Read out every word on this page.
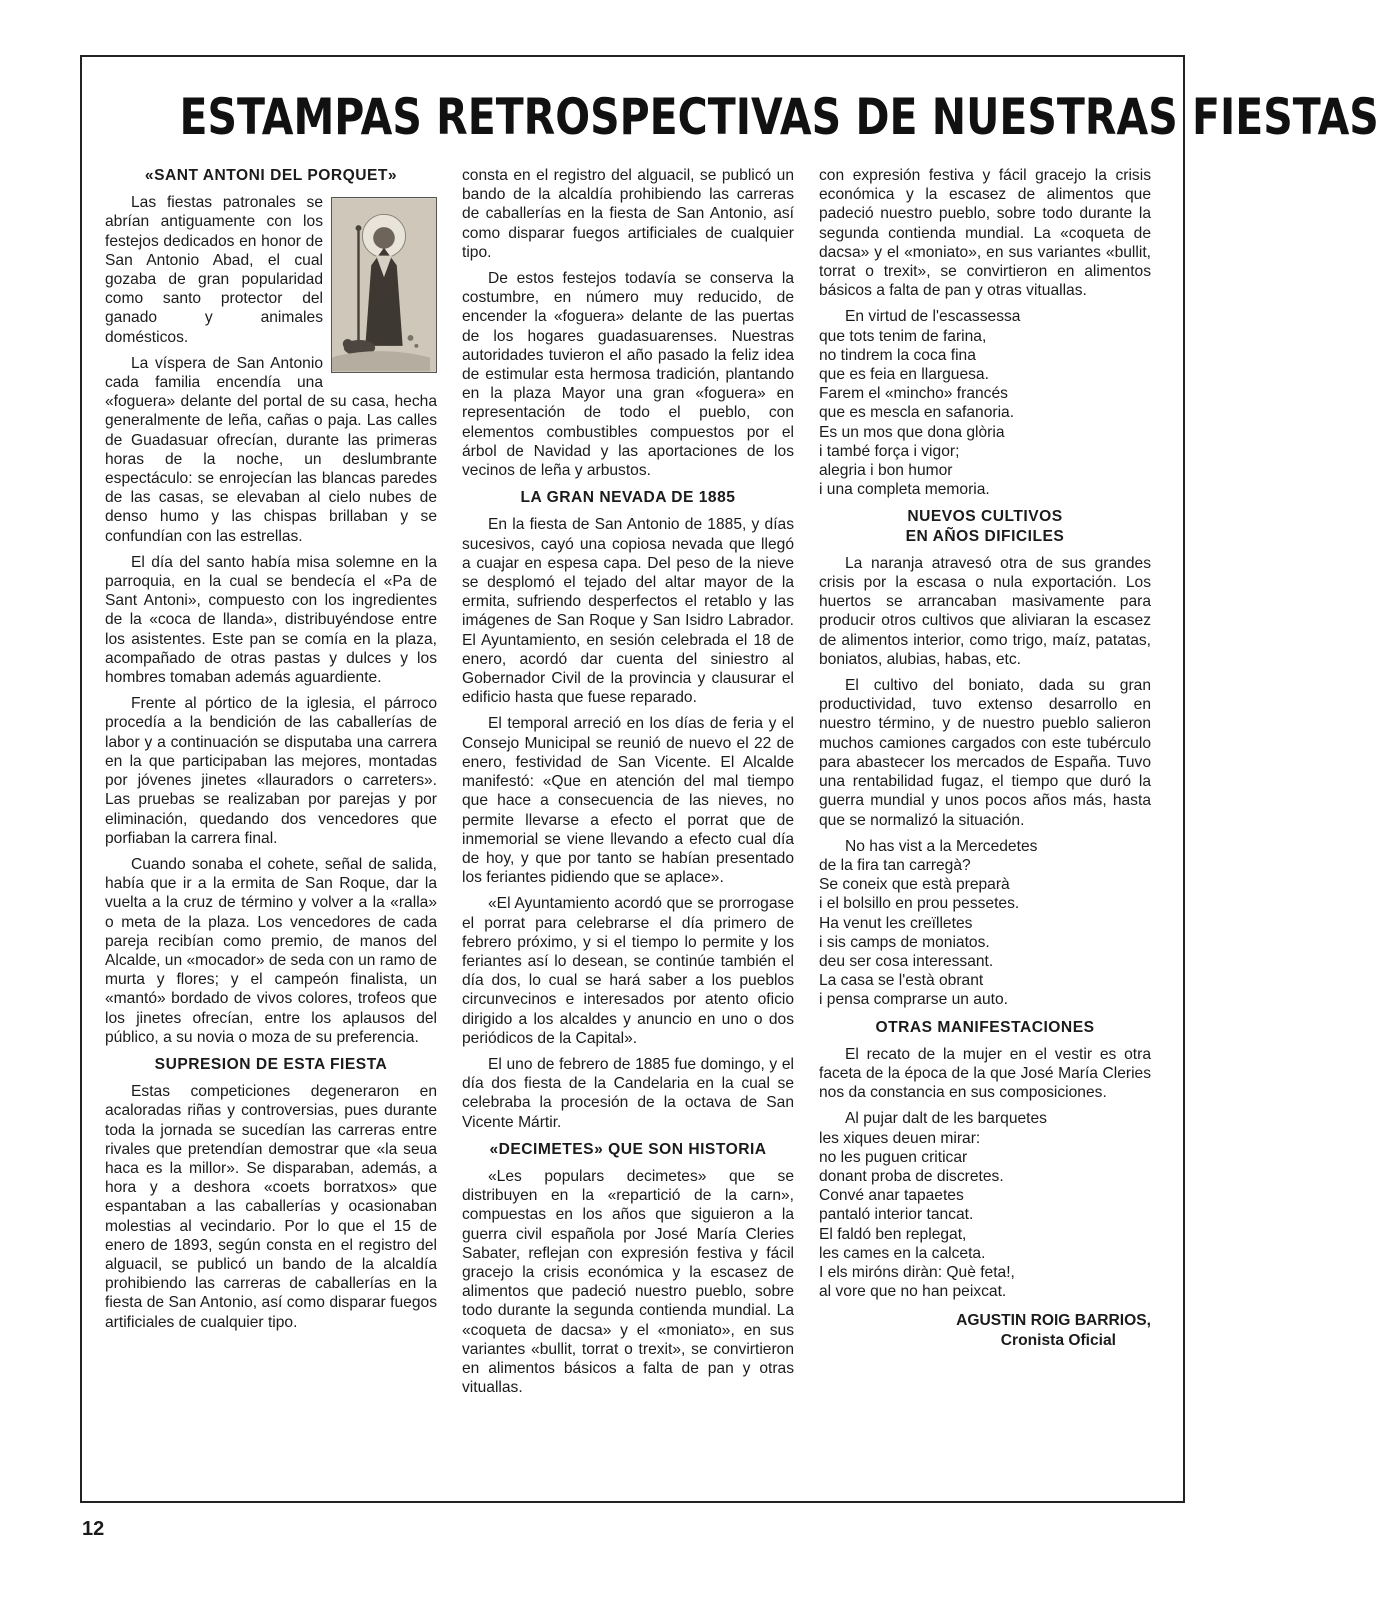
ESTAMPAS RETROSPECTIVAS DE NUESTRAS FIESTAS
«SANT ANTONI DEL PORQUET»

Las fiestas patronales se abrían antiguamente con los festejos dedicados en honor de San Antonio Abad, el cual gozaba de gran popularidad como santo protector del ganado y animales domésticos.

La víspera de San Antonio cada familia encendía una «foguera» delante del portal de su casa, hecha generalmente de leña, cañas o paja. Las calles de Guadasuar ofrecían, durante las primeras horas de la noche, un deslumbrante espectáculo: se enrojecían las blancas paredes de las casas, se elevaban al cielo nubes de denso humo y las chispas brillaban y se confundían con las estrellas.

El día del santo había misa solemne en la parroquia, en la cual se bendecía el «Pa de Sant Antoni», compuesto con los ingredientes de la «coca de llanda», distribuyéndose entre los asistentes. Este pan se comía en la plaza, acompañado de otras pastas y dulces y los hombres tomaban además aguardiente.

Frente al pórtico de la iglesia, el párroco procedía a la bendición de las caballerías de labor y a continuación se disputaba una carrera en la que participaban las mejores, montadas por jóvenes jinetes «llauradors o carreters». Las pruebas se realizaban por parejas y por eliminación, quedando dos vencedores que porfiaban la carrera final.

Cuando sonaba el cohete, señal de salida, había que ir a la ermita de San Roque, dar la vuelta a la cruz de término y volver a la «ralla» o meta de la plaza. Los vencedores de cada pareja recibían como premio, de manos del Alcalde, un «mocador» de seda con un ramo de murta y flores; y el campeón finalista, un «mantó» bordado de vivos colores, trofeos que los jinetes ofrecían, entre los aplausos del público, a su novia o moza de su preferencia.

SUPRESION DE ESTA FIESTA

Estas competiciones degeneraron en acaloradas riñas y controversias, pues durante toda la jornada se sucedían las carreras entre rivales que pretendían demostrar que «la seua haca es la millor». Se disparaban, además, a hora y a deshora «coets borratxos» que espantaban a las caballerías y ocasionaban molestias al vecindario. Por lo que el 15 de enero de 1893, según consta en el registro del alguacil, se publicó un bando de la alcaldía prohibiendo las carreras de caballerías en la fiesta de San Antonio, así como disparar fuegos artificiales de cualquier tipo.

consta en el registro del alguacil, se publicó un bando de la alcaldía prohibiendo las carreras de caballerías en la fiesta de San Antonio, así como disparar fuegos artificiales de cualquier tipo.

De estos festejos todavía se conserva la costumbre, en número muy reducido, de encender la «foguera» delante de las puertas de los hogares guadasuarenses. Nuestras autoridades tuvieron el año pasado la feliz idea de estimular esta hermosa tradición, plantando en la plaza Mayor una gran «foguera» en representación de todo el pueblo, con elementos combustibles compuestos por el árbol de Navidad y las aportaciones de los vecinos de leña y arbustos.

LA GRAN NEVADA DE 1885

En la fiesta de San Antonio de 1885, y días sucesivos, cayó una copiosa nevada que llegó a cuajar en espesa capa. Del peso de la nieve se desplomó el tejado del altar mayor de la ermita, sufriendo desperfectos el retablo y las imágenes de San Roque y San Isidro Labrador. El Ayuntamiento, en sesión celebrada el 18 de enero, acordó dar cuenta del siniestro al Gobernador Civil de la provincia y clausurar el edificio hasta que fuese reparado.

El temporal arreció en los días de feria y el Consejo Municipal se reunió de nuevo el 22 de enero, festividad de San Vicente. El Alcalde manifestó: «Que en atención del mal tiempo que hace a consecuencia de las nieves, no permite llevarse a efecto el porrat que de inmemorial se viene llevando a efecto cual día de hoy, y que por tanto se habían presentado los feriantes pidiendo que se aplace».

«El Ayuntamiento acordó que se prorrogase el porrat para celebrarse el día primero de febrero próximo, y si el tiempo lo permite y los feriantes así lo desean, se continúe también el día dos, lo cual se hará saber a los pueblos circunvecinos e interesados por atento oficio dirigido a los alcaldes y anuncio en uno o dos periódicos de la Capital».

El uno de febrero de 1885 fue domingo, y el día dos fiesta de la Candelaria en la cual se celebraba la procesión de la octava de San Vicente Mártir.

«DECIMETES» QUE SON HISTORIA

«Les populars decimetes» que se distribuyen en la «repartició de la carn», compuestas en los años que siguieron a la guerra civil española por José María Cleries Sabater, reflejan con expresión festiva y fácil gracejo la crisis económica y la escasez de alimentos que padeció nuestro pueblo, sobre todo durante la segunda contienda mundial. La «coqueta de dacsa» y el «moniato», en sus variantes «bullit, torrat o trexit», se convirtieron en alimentos básicos a falta de pan y otras vituallas.

con expresión festiva y fácil gracejo la crisis económica y la escasez de alimentos que padeció nuestro pueblo, sobre todo durante la segunda contienda mundial. La «coqueta de dacsa» y el «moniato», en sus variantes «bullit, torrat o trexit», se convirtieron en alimentos básicos a falta de pan y otras vituallas.

En virtud de l'escassessa
que tots tenim de farina,
no tindrem la coca fina
que es feia en llarguesa.
Farem el «mincho» francés
que es mescla en safanoria.
Es un mos que dona glòria
i també força i vigor;
alegria i bon humor
i una completa memoria.
NUEVOS CULTIVOS
EN AÑOS DIFICILES

La naranja atravesó otra de sus grandes crisis por la escasa o nula exportación. Los huertos se arrancaban masivamente para producir otros cultivos que aliviaran la escasez de alimentos interior, como trigo, maíz, patatas, boniatos, alubias, habas, etc.

El cultivo del boniato, dada su gran productividad, tuvo extenso desarrollo en nuestro término, y de nuestro pueblo salieron muchos camiones cargados con este tubérculo para abastecer los mercados de España. Tuvo una rentabilidad fugaz, el tiempo que duró la guerra mundial y unos pocos años más, hasta que se normalizó la situación.

No has vist a la Mercedetes
de la fira tan carregà?
Se coneix que està preparà
i el bolsillo en prou pessetes.
Ha venut les creïlletes
i sis camps de moniatos.
deu ser cosa interessant.
La casa se l'està obrant
i pensa comprarse un auto.
OTRAS MANIFESTACIONES

El recato de la mujer en el vestir es otra faceta de la época de la que José María Cleries nos da constancia en sus composiciones.

Al pujar dalt de les barquetes
les xiques deuen mirar:
no les puguen criticar
donant proba de discretes.
Convé anar tapaetes
pantaló interior tancat.
El faldó ben replegat,
les cames en la calceta.
I els miróns diràn: Què feta!,
al vore que no han peixcat.
AGUSTIN ROIG BARRIOS,
Cronista Oficial
12
